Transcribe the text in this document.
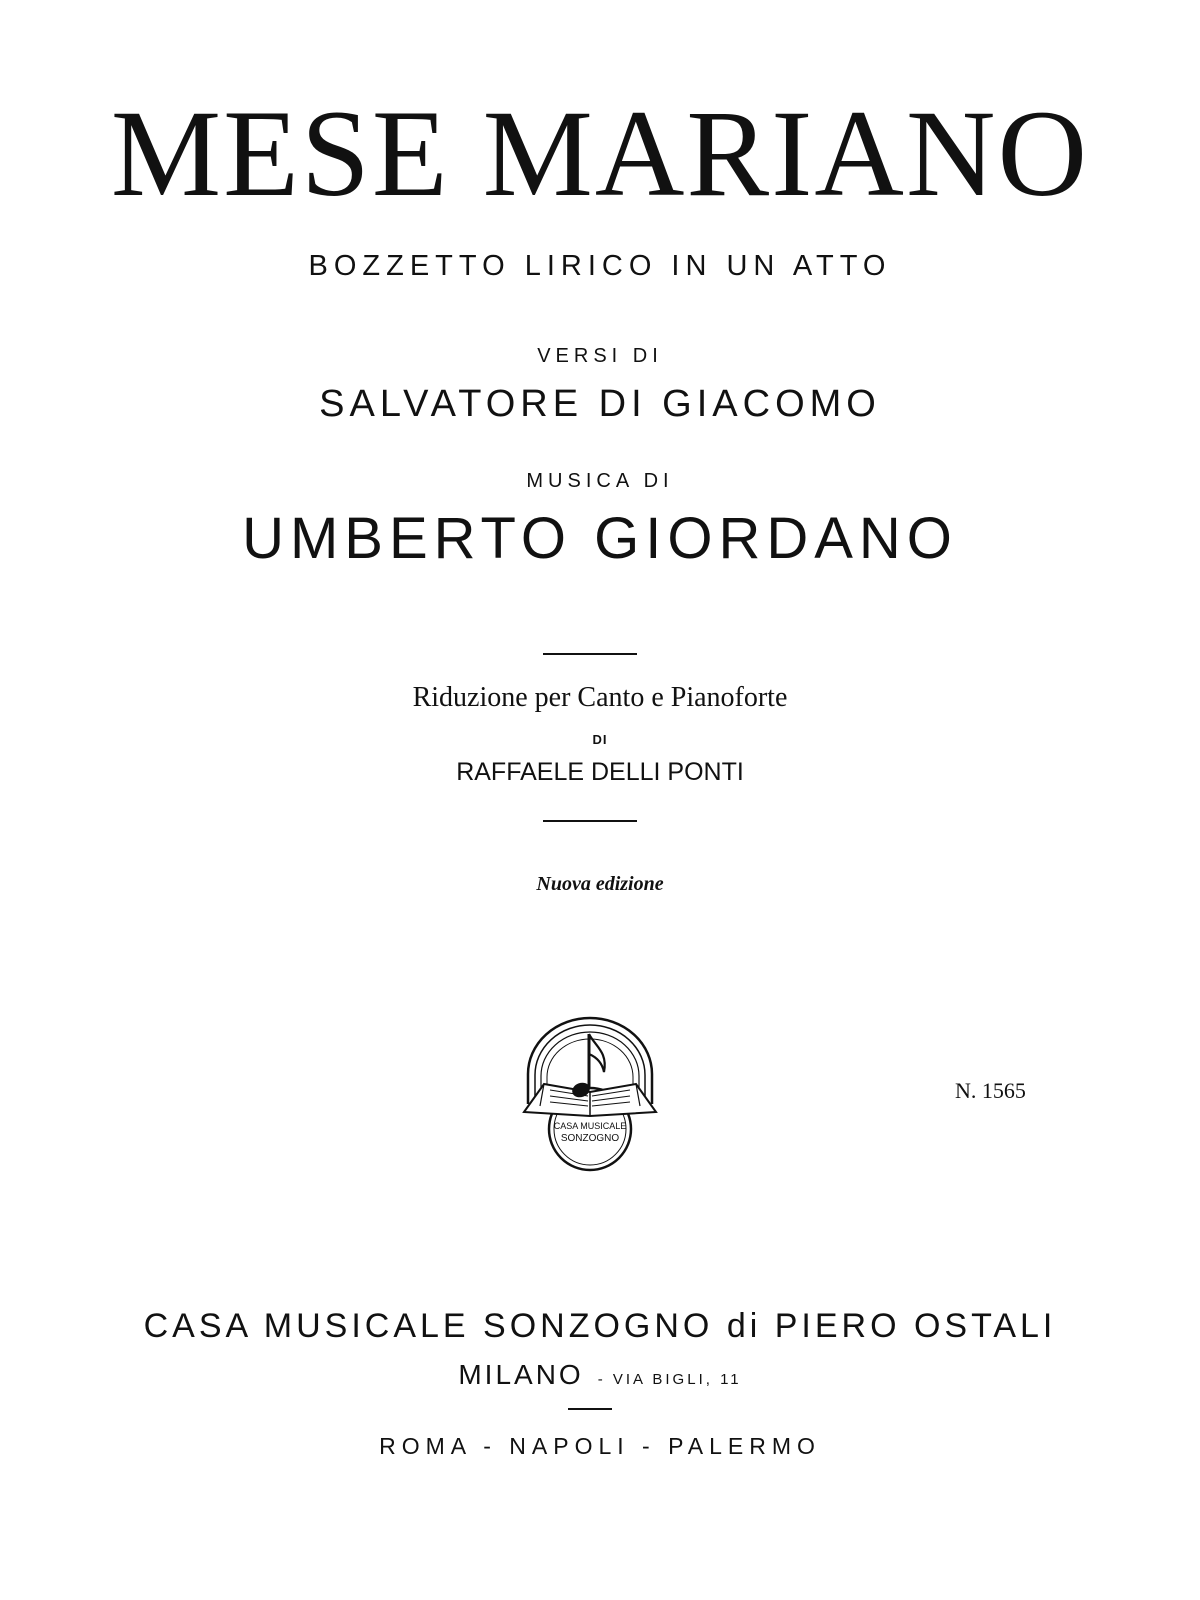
MESE MARIANO
BOZZETTO LIRICO IN UN ATTO
VERSI DI
SALVATORE DI GIACOMO
MUSICA DI
UMBERTO GIORDANO
Riduzione per Canto e Pianoforte
DI
RAFFAELE DELLI PONTI
Nuova edizione
CASA MUSICALE
SONZOGNO
N. 1565
CASA MUSICALE SONZOGNO di PIERO OSTALI
MILANO - VIA BIGLI, 11
ROMA - NAPOLI - PALERMO
